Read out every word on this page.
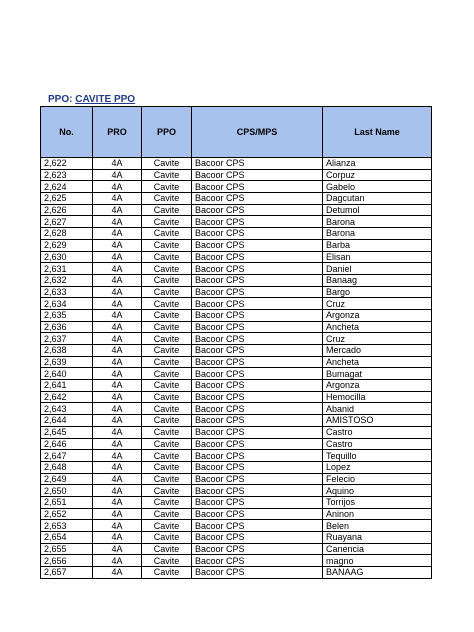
PPO: CAVITE PPO
No.	PRO	PPO	CPS/MPS	Last Name
2,622	4A	Cavite	Bacoor CPS	Alianza
2,623	4A	Cavite	Bacoor CPS	Corpuz
2,624	4A	Cavite	Bacoor CPS	Gabelo
2,625	4A	Cavite	Bacoor CPS	Dagcutan
2,626	4A	Cavite	Bacoor CPS	Detumol
2,627	4A	Cavite	Bacoor CPS	Barona
2,628	4A	Cavite	Bacoor CPS	Barona
2,629	4A	Cavite	Bacoor CPS	Barba
2,630	4A	Cavite	Bacoor CPS	Elisan
2,631	4A	Cavite	Bacoor CPS	Daniel
2,632	4A	Cavite	Bacoor CPS	Banaag
2,633	4A	Cavite	Bacoor CPS	Bargo
2,634	4A	Cavite	Bacoor CPS	Cruz
2,635	4A	Cavite	Bacoor CPS	Argonza
2,636	4A	Cavite	Bacoor CPS	Ancheta
2,637	4A	Cavite	Bacoor CPS	Cruz
2,638	4A	Cavite	Bacoor CPS	Mercado
2,639	4A	Cavite	Bacoor CPS	Ancheta
2,640	4A	Cavite	Bacoor CPS	Bumagat
2,641	4A	Cavite	Bacoor CPS	Argonza
2,642	4A	Cavite	Bacoor CPS	Hemocilla
2,643	4A	Cavite	Bacoor CPS	Abanid
2,644	4A	Cavite	Bacoor CPS	AMISTOSO
2,645	4A	Cavite	Bacoor CPS	Castro
2,646	4A	Cavite	Bacoor CPS	Castro
2,647	4A	Cavite	Bacoor CPS	Tequillo
2,648	4A	Cavite	Bacoor CPS	Lopez
2,649	4A	Cavite	Bacoor CPS	Felecio
2,650	4A	Cavite	Bacoor CPS	Aquino
2,651	4A	Cavite	Bacoor CPS	Torrijos
2,652	4A	Cavite	Bacoor CPS	Aninon
2,653	4A	Cavite	Bacoor CPS	Belen
2,654	4A	Cavite	Bacoor CPS	Ruayana
2,655	4A	Cavite	Bacoor CPS	Canencia
2,656	4A	Cavite	Bacoor CPS	magno
2,657	4A	Cavite	Bacoor CPS	BANAAG
